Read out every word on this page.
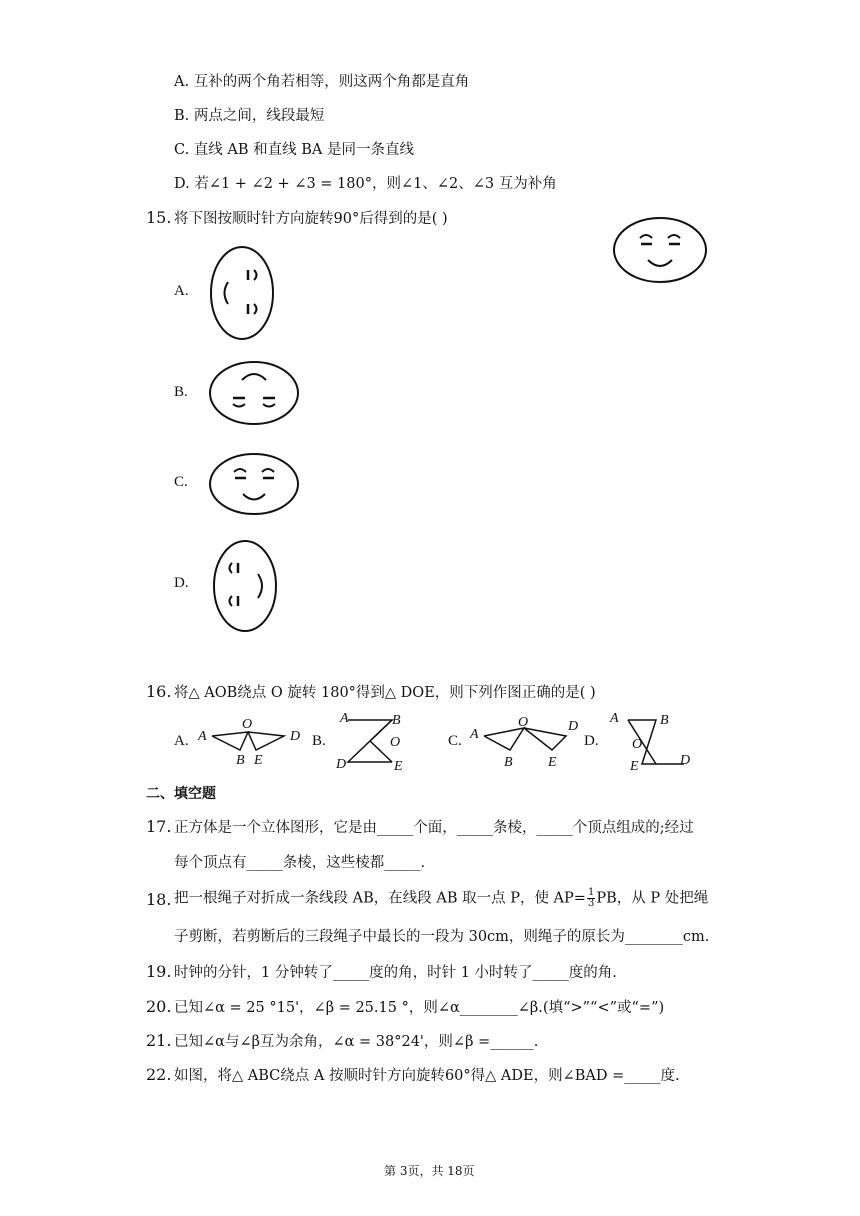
A. 互补的两个角若相等，则这两个角都是直角
B. 两点之间，线段最短
C. 直线 AB 和直线 BA 是同一条直线
D. 若∠1 + ∠2 + ∠3 = 180°，则∠1、∠2、∠3 互为补角
15. 将下图按顺时针方向旋转90°后得到的是( )
A.
B.
C.
D.
16. 将△ AOB绕点 O 旋转 180°得到△ DOE，则下列作图正确的是( )
A. A
O
D
B E
B.
A	B
O
D	E
C. A
O	D
B	E
D.
A	B
O
E	D
二、填空题
17. 正方体是一个立体图形，它是由_____个面，_____条棱，_____个顶点组成的;经过
每个顶点有_____条棱，这些棱都_____.
18. 把一根绳子对折成一条线段 AB，在线段 AB 取一点 P，使 $AP= \frac{1}{3}$ PB，从 P 处把绳
子剪断，若剪断后的三段绳子中最长的一段为 30cm，则绳子的原长为________cm.
19. 时钟的分针，1 分钟转了_____度的角，时针 1 小时转了_____度的角.
20. 已知∠α = 25 °15'，∠β = 25.15 °，则∠α________∠β.(填“>”“<”或“=”)
21. 已知∠α与∠β互为余角，∠α = 38°24'，则∠β =______.
22. 如图，将△ ABC绕点 A 按顺时针方向旋转60°得△ ADE，则∠BAD =_____度.
第 3页，共 18页
